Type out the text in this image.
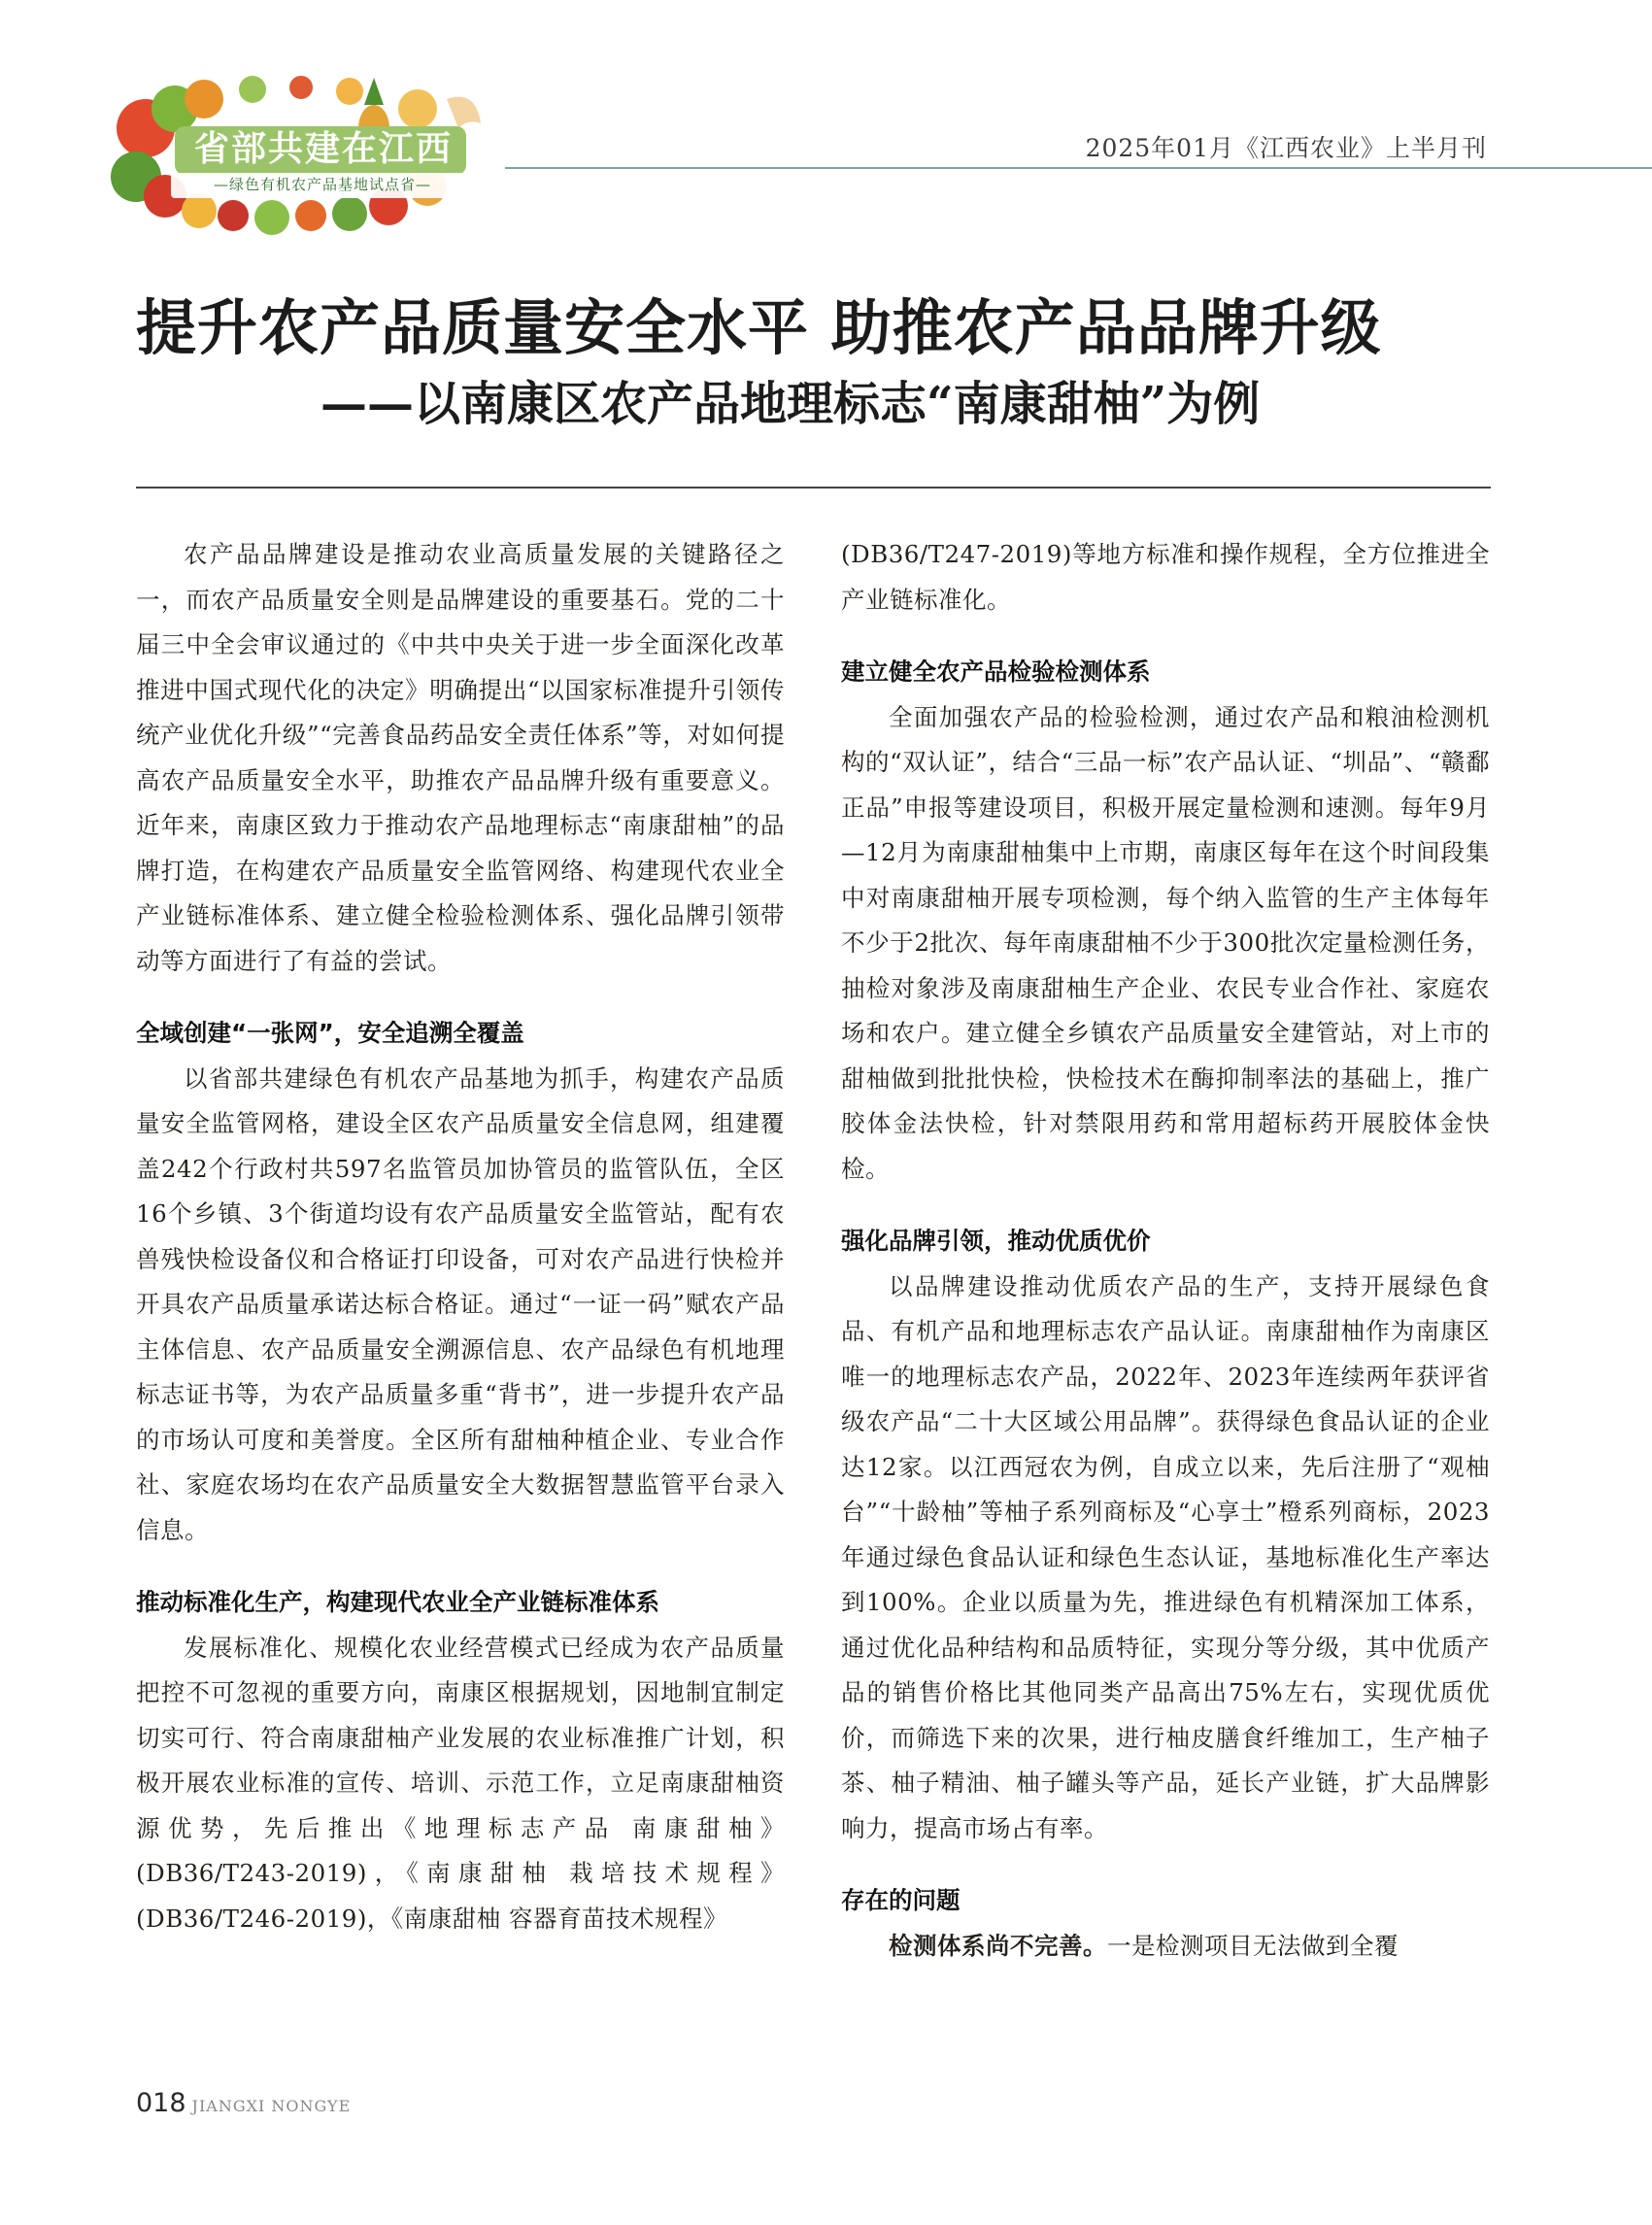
省部共建在江西
—绿色有机农产品基地试点省—
2025年01月《江西农业》上半月刊
提升农产品质量安全水平 助推农产品品牌升级
——以南康区农产品地理标志“南康甜柚”为例

农产品品牌建设是推动农业高质量发展的关键路径之一，而农产品质量安全则是品牌建设的重要基石。党的二十届三中全会审议通过的《中共中央关于进一步全面深化改革 推进中国式现代化的决定》明确提出“以国家标准提升引领传统产业优化升级”“完善食品药品安全责任体系”等，对如何提高农产品质量安全水平，助推农产品品牌升级有重要意义。近年来，南康区致力于推动农产品地理标志“南康甜柚”的品牌打造，在构建农产品质量安全监管网络、构建现代农业全产业链标准体系、建立健全检验检测体系、强化品牌引领带动等方面进行了有益的尝试。

全域创建“一张网”，安全追溯全覆盖

以省部共建绿色有机农产品基地为抓手，构建农产品质量安全监管网格，建设全区农产品质量安全信息网，组建覆盖242个行政村共597名监管员加协管员的监管队伍，全区16个乡镇、3个街道均设有农产品质量安全监管站，配有农兽残快检设备仪和合格证打印设备，可对农产品进行快检并开具农产品质量承诺达标合格证。通过“一证一码”赋农产品主体信息、农产品质量安全溯源信息、农产品绿色有机地理标志证书等，为农产品质量多重“背书”，进一步提升农产品的市场认可度和美誉度。全区所有甜柚种植企业、专业合作社、家庭农场均在农产品质量安全大数据智慧监管平台录入信息。

推动标准化生产，构建现代农业全产业链标准体系

发展标准化、规模化农业经营模式已经成为农产品质量把控不可忽视的重要方向，南康区根据规划，因地制宜制定切实可行、符合南康甜柚产业发展的农业标准推广计划，积极开展农业标准的宣传、培训、示范工作，立足南康甜柚资源优势，先后推出《地理标志产品 南康甜柚》(DB36/T243-2019)，《南康甜柚 栽培技术规程》(DB36/T246-2019)，《南康甜柚 容器育苗技术规程》

(DB36/T247-2019)等地方标准和操作规程，全方位推进全产业链标准化。

建立健全农产品检验检测体系

全面加强农产品的检验检测，通过农产品和粮油检测机构的“双认证”，结合“三品一标”农产品认证、“圳品”、“赣鄱正品”申报等建设项目，积极开展定量检测和速测。每年9月—12月为南康甜柚集中上市期，南康区每年在这个时间段集中对南康甜柚开展专项检测，每个纳入监管的生产主体每年不少于2批次、每年南康甜柚不少于300批次定量检测任务，抽检对象涉及南康甜柚生产企业、农民专业合作社、家庭农场和农户。建立健全乡镇农产品质量安全建管站，对上市的甜柚做到批批快检，快检技术在酶抑制率法的基础上，推广胶体金法快检，针对禁限用药和常用超标药开展胶体金快检。

强化品牌引领，推动优质优价

以品牌建设推动优质农产品的生产，支持开展绿色食品、有机产品和地理标志农产品认证。南康甜柚作为南康区唯一的地理标志农产品，2022年、2023年连续两年获评省级农产品“二十大区域公用品牌”。获得绿色食品认证的企业达12家。以江西冠农为例，自成立以来，先后注册了“观柚台”“十龄柚”等柚子系列商标及“心享士”橙系列商标，2023年通过绿色食品认证和绿色生态认证，基地标准化生产率达到100%。企业以质量为先，推进绿色有机精深加工体系，通过优化品种结构和品质特征，实现分等分级，其中优质产品的销售价格比其他同类产品高出75%左右，实现优质优价，而筛选下来的次果，进行柚皮膳食纤维加工，生产柚子茶、柚子精油、柚子罐头等产品，延长产业链，扩大品牌影响力，提高市场占有率。

存在的问题

检测体系尚不完善。一是检测项目无法做到全覆

018 JIANGXI NONGYE
